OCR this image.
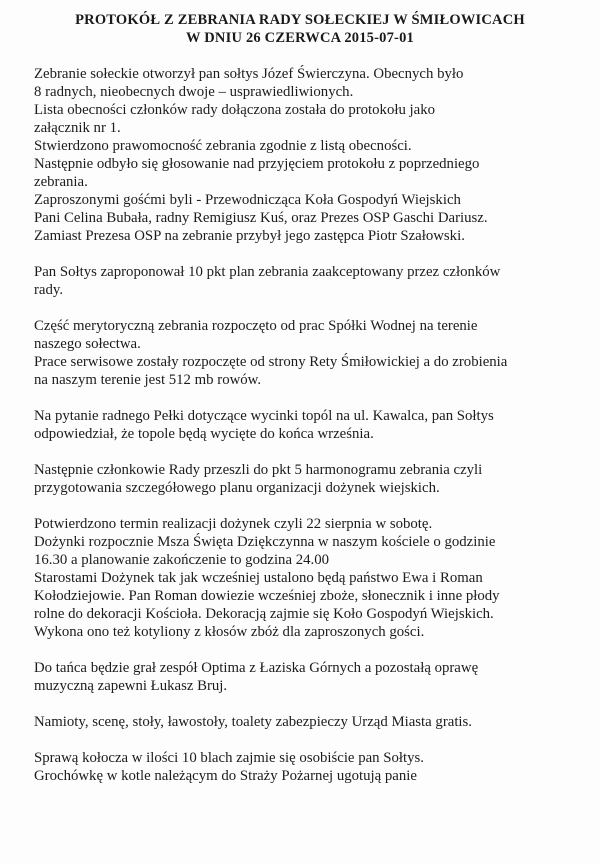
PROTOKÓŁ Z ZEBRANIA RADY SOŁECKIEJ W ŚMIŁOWICACH
W DNIU 26 CZERWCA 2015-07-01

Zebranie sołeckie otworzył pan sołtys Józef Świerczyna. Obecnych było
8 radnych, nieobecnych dwoje – usprawiedliwionych.
Lista obecności członków rady dołączona została do protokołu jako
załącznik nr 1.
Stwierdzono prawomocność zebrania zgodnie z listą obecności.
Następnie odbyło się głosowanie nad przyjęciem protokołu z poprzedniego
zebrania.
Zaproszonymi gośćmi byli - Przewodnicząca Koła Gospodyń Wiejskich
Pani Celina Bubała, radny Remigiusz Kuś, oraz Prezes OSP Gaschi Dariusz.
Zamiast Prezesa OSP na zebranie przybył jego zastępca Piotr Szałowski.

Pan Sołtys zaproponował 10 pkt plan zebrania zaakceptowany przez członków
rady.

Część merytoryczną zebrania rozpoczęto od prac Spółki Wodnej na terenie
naszego sołectwa.
Prace serwisowe zostały rozpoczęte od strony Rety Śmiłowickiej a do zrobienia
na naszym terenie jest 512 mb rowów.

Na pytanie radnego Pełki dotyczące wycinki topól na ul. Kawalca, pan Sołtys
odpowiedział, że topole będą wycięte do końca września.

Następnie członkowie Rady przeszli do pkt 5 harmonogramu zebrania czyli
przygotowania szczegółowego planu organizacji dożynek wiejskich.

Potwierdzono termin realizacji dożynek czyli 22 sierpnia w sobotę.
Dożynki rozpocznie Msza Święta Dziękczynna w naszym kościele o godzinie
16.30 a planowanie zakończenie to godzina 24.00
Starostami Dożynek tak jak wcześniej ustalono będą państwo Ewa i Roman
Kołodziejowie. Pan Roman dowiezie wcześniej zboże, słonecznik i inne płody
rolne do dekoracji Kościoła. Dekoracją zajmie się Koło Gospodyń Wiejskich.
Wykona ono też kotyliony z kłosów zbóż dla zaproszonych gości.

Do tańca będzie grał zespół Optima z Łaziska Górnych a pozostałą oprawę
muzyczną zapewni Łukasz Bruj.

Namioty, scenę, stoły, ławostoły, toalety zabezpieczy Urząd Miasta gratis.

Sprawą kołocza w ilości 10 blach zajmie się osobiście pan Sołtys.
Grochówkę w kotle należącym do Straży Pożarnej ugotują panie
